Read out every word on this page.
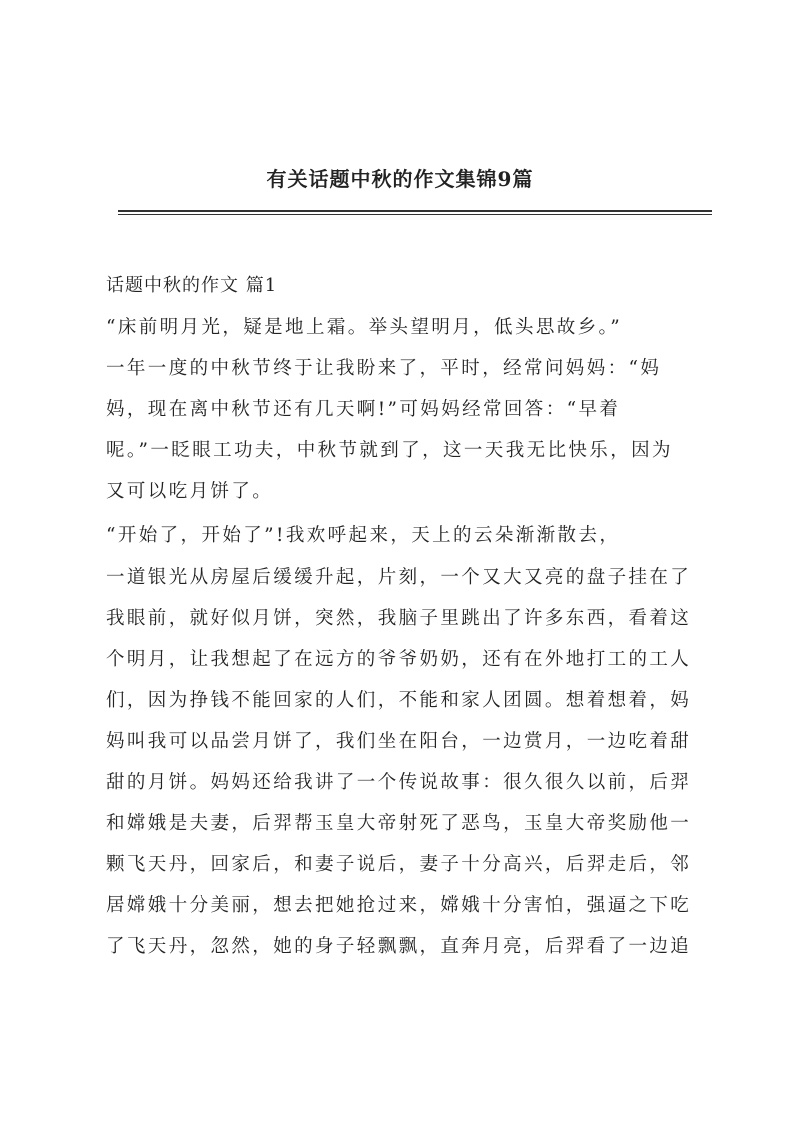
有关话题中秋的作文集锦9篇
话题中秋的作文 篇1
“床前明月光，疑是地上霜。举头望明月，低头思故乡。”
一年一度的中秋节终于让我盼来了，平时，经常问妈妈：“妈
妈，现在离中秋节还有几天啊!”可妈妈经常回答：“早着
呢。”一眨眼工功夫，中秋节就到了，这一天我无比快乐，因为
又可以吃月饼了。
“开始了，开始了”!我欢呼起来，天上的云朵渐渐散去，
一道银光从房屋后缓缓升起，片刻，一个又大又亮的盘子挂在了
我眼前，就好似月饼，突然，我脑子里跳出了许多东西，看着这
个明月，让我想起了在远方的爷爷奶奶，还有在外地打工的工人
们，因为挣钱不能回家的人们，不能和家人团圆。想着想着，妈
妈叫我可以品尝月饼了，我们坐在阳台，一边赏月，一边吃着甜
甜的月饼。妈妈还给我讲了一个传说故事：很久很久以前，后羿
和嫦娥是夫妻，后羿帮玉皇大帝射死了恶鸟，玉皇大帝奖励他一
颗飞天丹，回家后，和妻子说后，妻子十分高兴，后羿走后，邻
居嫦娥十分美丽，想去把她抢过来，嫦娥十分害怕，强逼之下吃
了飞天丹，忽然，她的身子轻飘飘，直奔月亮，后羿看了一边追
